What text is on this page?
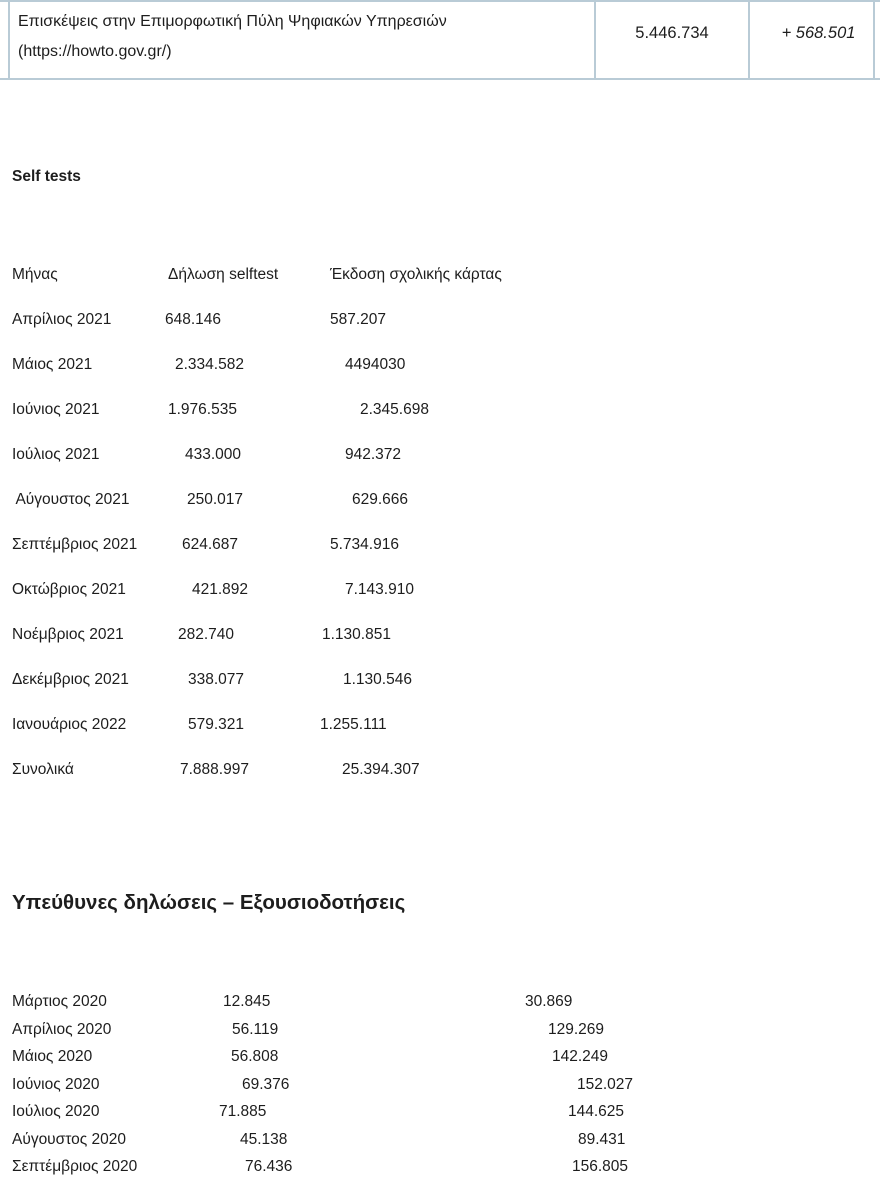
Επισκέψεις στην Επιμορφωτική Πύλη Ψηφιακών Υπηρεσιών
(https://howto.gov.gr/)
5.446.734	+ 568.501
Self tests
Μήνας	Δήλωση selftest	Έκδοση σχολικής κάρτας
Απρίλιος 2021	648.146	587.207
Μάιος 2021	2.334.582	4494030
Ιούνιος 2021	1.976.535	2.345.698
Ιούλιος 2021	433.000	942.372
Αύγουστος 2021	250.017	629.666
Σεπτέμβριος 2021	624.687	5.734.916
Οκτώβριος 2021	421.892	7.143.910
Νοέμβριος 2021	282.740	1.130.851
Δεκέμβριος 2021	338.077	1.130.546
Ιανουάριος 2022	579.321	1.255.111
Συνολικά	7.888.997	25.394.307
Υπεύθυνες δηλώσεις – Εξουσιοδοτήσεις
Μάρτιος 2020	12.845	30.869
Απρίλιος 2020	56.119	129.269
Μάιος 2020	56.808	142.249
Ιούνιος 2020	69.376	152.027
Ιούλιος 2020	71.885	144.625
Αύγουστος 2020	45.138	89.431
Σεπτέμβριος 2020	76.436	156.805
